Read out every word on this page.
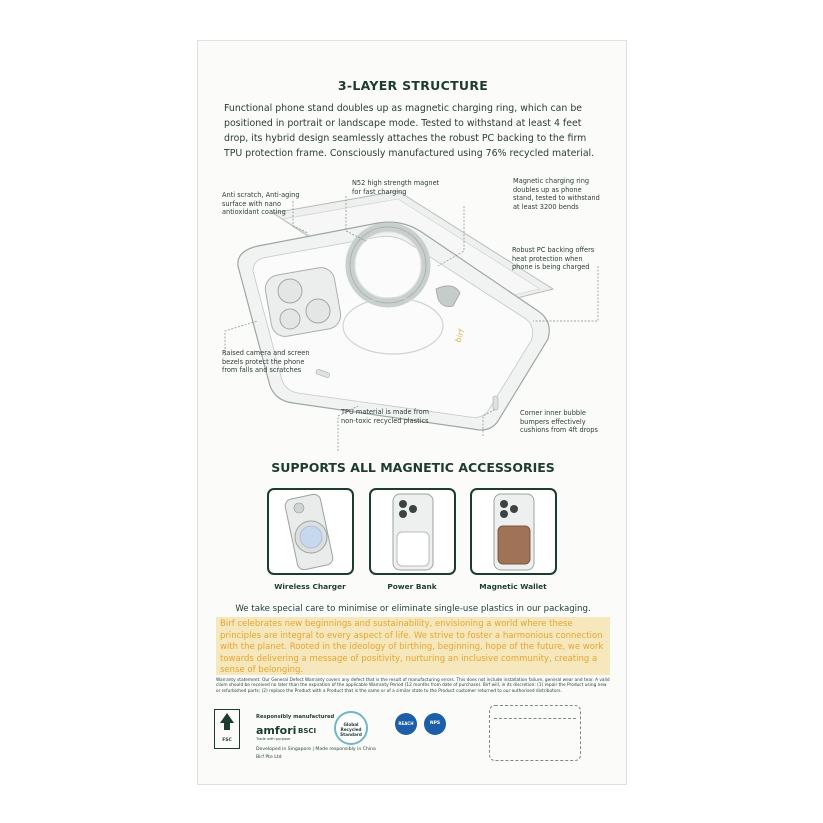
3-LAYER STRUCTURE
Functional phone stand doubles up as magnetic charging ring, which can be positioned in portrait or landscape mode. Tested to withstand at least 4 feet drop, its hybrid design seamlessly attaches the robust PC backing to the firm TPU protection frame. Consciously manufactured using 76% recycled material.
birf
Anti scratch, Anti-aging surface with nano antioxidant coating
N52 high strength magnet for fast charging
Magnetic charging ring doubles up as phone stand, tested to withstand at least 3200 bends
Robust PC backing offers heat protection when phone is being charged
Raised camera and screen bezels protect the phone from falls and scratches
TPU material is made from non-toxic recycled plastics
Corner inner bubble bumpers effectively cushions from 4ft drops
SUPPORTS ALL MAGNETIC ACCESSORIES
Wireless Charger	Power Bank	Magnetic Wallet
We take special care to minimise or eliminate single-use plastics in our packaging.
Birf celebrates new beginnings and sustainability, envisioning a world where these principles are integral to every aspect of life. We strive to foster a harmonious connection with the planet. Rooted in the ideology of birthing, beginning, hope of the future, we work towards delivering a message of positivity, nurturing an inclusive community, creating a sense of belonging.
Warranty statement: Our General Defect Warranty covers any defect that is the result of manufacturing errors. This does not include installation failure, general wear and tear. A valid claim should be received no later than the expiration of the applicable Warranty Period (12 months from date of purchase). Birf will, in its discretion: (1) repair the Product using new or refurbished parts; (2) replace the Product with a Product that is the same or of a similar state to the Product customer returned to our authorised distributors.
FSC
Responsibly manufactured
amfori
Trade with purpose
BSCI
Global Recycled Standard
REACH	NPS
Developed in Singapore | Made responsibly in China
Birf Pte Ltd
